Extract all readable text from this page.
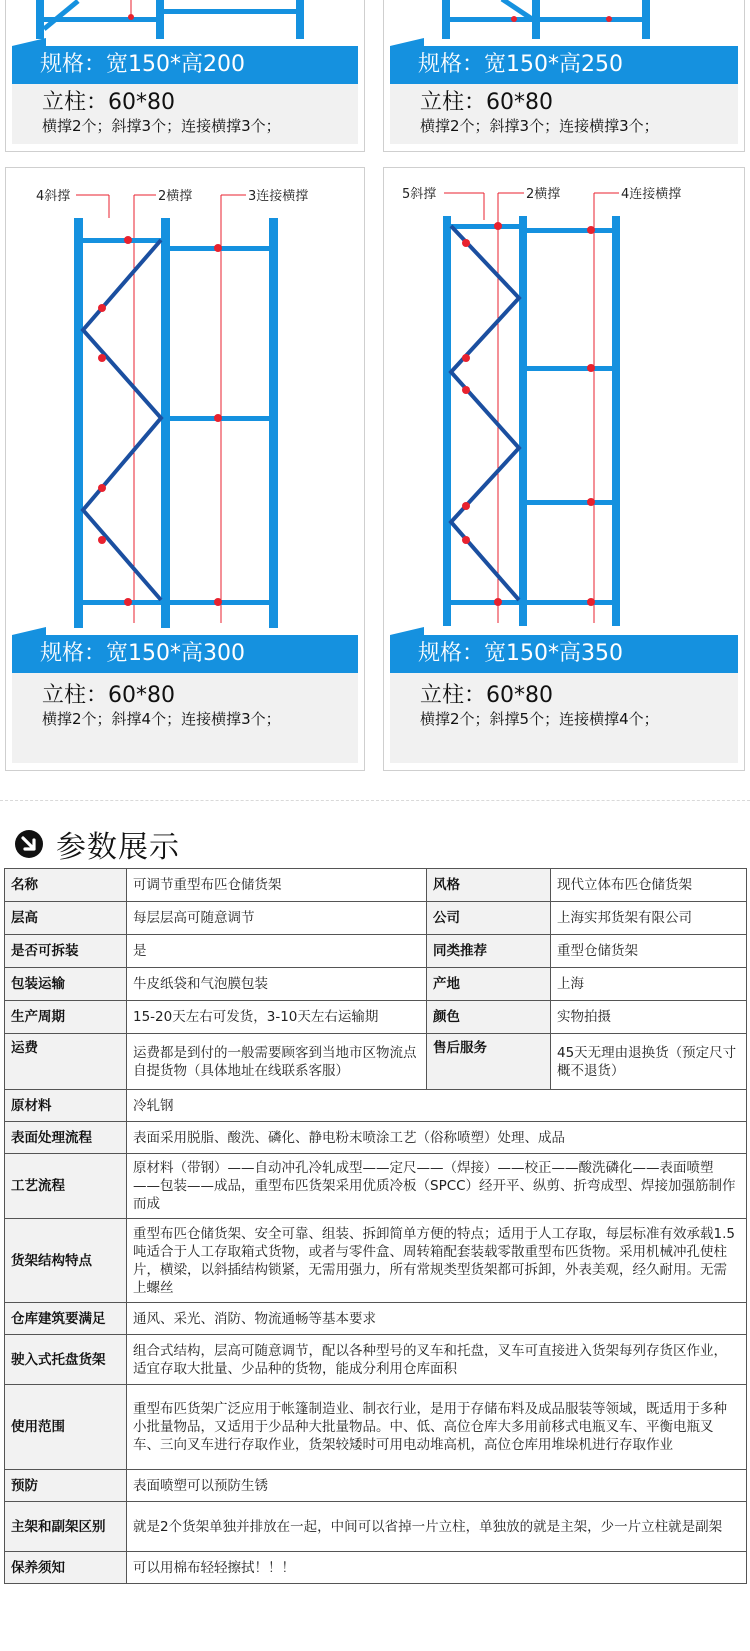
规格：宽150*高200
立柱：60*80
横撑2个；斜撑3个；连接横撑3个；
规格：宽150*高250
立柱：60*80
横撑2个；斜撑3个；连接横撑3个；
4斜撑	2横撑	3连接横撑
规格：宽150*高300
立柱：60*80
横撑2个；斜撑4个；连接横撑3个；
5斜撑	2横撑	4连接横撑
规格：宽150*高350
立柱：60*80
横撑2个；斜撑5个；连接横撑4个；
参数展示
名称	可调节重型布匹仓储货架	风格	现代立体布匹仓储货架
层高	每层层高可随意调节	公司	上海实邦货架有限公司
是否可拆装	是	同类推荐	重型仓储货架
包装运输	牛皮纸袋和气泡膜包装	产地	上海
生产周期	15-20天左右可发货，3-10天左右运输期	颜色	实物拍摄
运费	运费都是到付的一般需要顾客到当地市区物流点自提货物（具体地址在线联系客服）	售后服务	45天无理由退换货（预定尺寸概不退货）
原材料	冷轧钢		
表面处理流程	表面采用脱脂、酸洗、磷化、静电粉末喷涂工艺（俗称喷塑）处理、成品		
工艺流程	原材料（带钢）——自动冲孔冷轧成型——定尺——（焊接）——校正——酸洗磷化——表面喷塑——包装——成品，重型布匹货架采用优质冷板（SPCC）经开平、纵剪、折弯成型、焊接加强筋制作而成		
货架结构特点	重型布匹仓储货架、安全可靠、组装、拆卸简单方便的特点；适用于人工存取，每层标准有效承载1.5吨适合于人工存取箱式货物，或者与零件盒、周转箱配套装载零散重型布匹货物。采用机械冲孔使柱片，横梁，以斜插结构锁紧，无需用强力，所有常规类型货架都可拆卸，外表美观，经久耐用。无需上螺丝		
仓库建筑要满足	通风、采光、消防、物流通畅等基本要求		
驶入式托盘货架	组合式结构，层高可随意调节，配以各种型号的叉车和托盘，叉车可直接进入货架每列存货区作业，适宜存取大批量、少品种的货物，能成分利用仓库面积		
使用范围	重型布匹货架广泛应用于帐篷制造业、制衣行业，是用于存储布料及成品服装等领域，既适用于多种小批量物品，又适用于少品种大批量物品。中、低、高位仓库大多用前移式电瓶叉车、平衡电瓶叉车、三向叉车进行存取作业，货架较矮时可用电动堆高机，高位仓库用堆垛机进行存取作业		
预防	表面喷塑可以预防生锈		
主架和副架区别	就是2个货架单独并排放在一起，中间可以省掉一片立柱，单独放的就是主架，少一片立柱就是副架		
保养须知	可以用棉布轻轻擦拭！！！		
